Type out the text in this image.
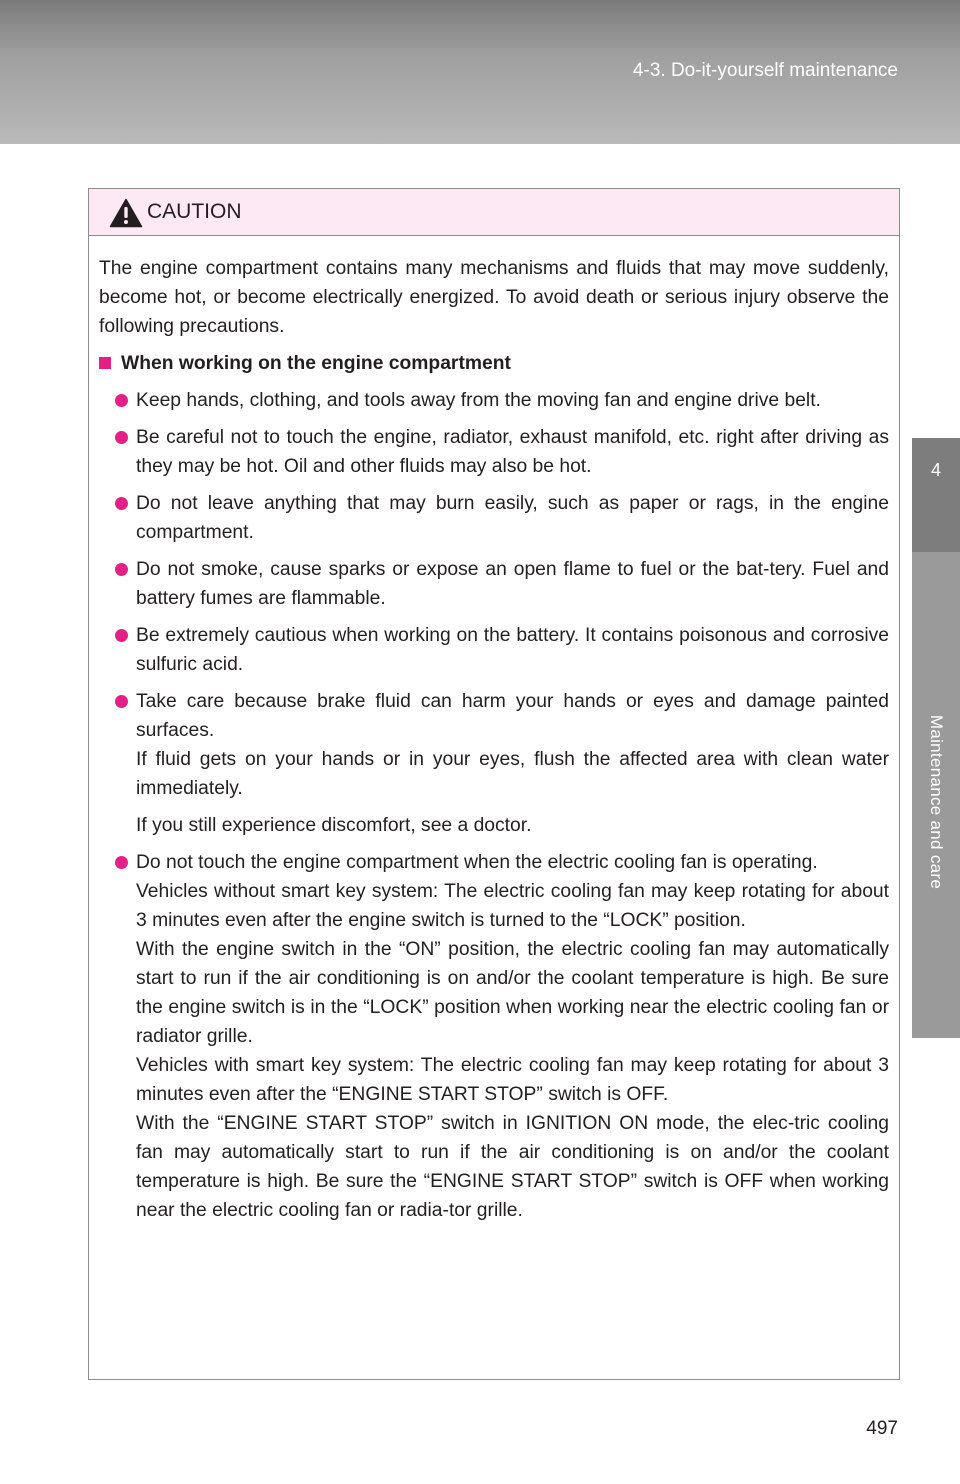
4-3. Do-it-yourself maintenance
4
Maintenance and care
CAUTION

The engine compartment contains many mechanisms and fluids that may move suddenly, become hot, or become electrically energized. To avoid death or serious injury observe the following precautions.

When working on the engine compartment

Keep hands, clothing, and tools away from the moving fan and engine drive belt.
Be careful not to touch the engine, radiator, exhaust manifold, etc. right after driving as they may be hot. Oil and other fluids may also be hot.
Do not leave anything that may burn easily, such as paper or rags, in the engine compartment.
Do not smoke, cause sparks or expose an open flame to fuel or the bat-tery. Fuel and battery fumes are flammable.
Be extremely cautious when working on the battery. It contains poisonous and corrosive sulfuric acid.
Take care because brake fluid can harm your hands or eyes and damage painted surfaces.
If fluid gets on your hands or in your eyes, flush the affected area with clean water immediately.
If you still experience discomfort, see a doctor.
Do not touch the engine compartment when the electric cooling fan is operating.
Vehicles without smart key system: The electric cooling fan may keep rotating for about 3 minutes even after the engine switch is turned to the “LOCK” position.
With the engine switch in the “ON” position, the electric cooling fan may automatically start to run if the air conditioning is on and/or the coolant temperature is high. Be sure the engine switch is in the “LOCK” position when working near the electric cooling fan or radiator grille.
Vehicles with smart key system: The electric cooling fan may keep rotating for about 3 minutes even after the “ENGINE START STOP” switch is OFF.
With the “ENGINE START STOP” switch in IGNITION ON mode, the elec-tric cooling fan may automatically start to run if the air conditioning is on and/or the coolant temperature is high. Be sure the “ENGINE START STOP” switch is OFF when working near the electric cooling fan or radia-tor grille.
497
